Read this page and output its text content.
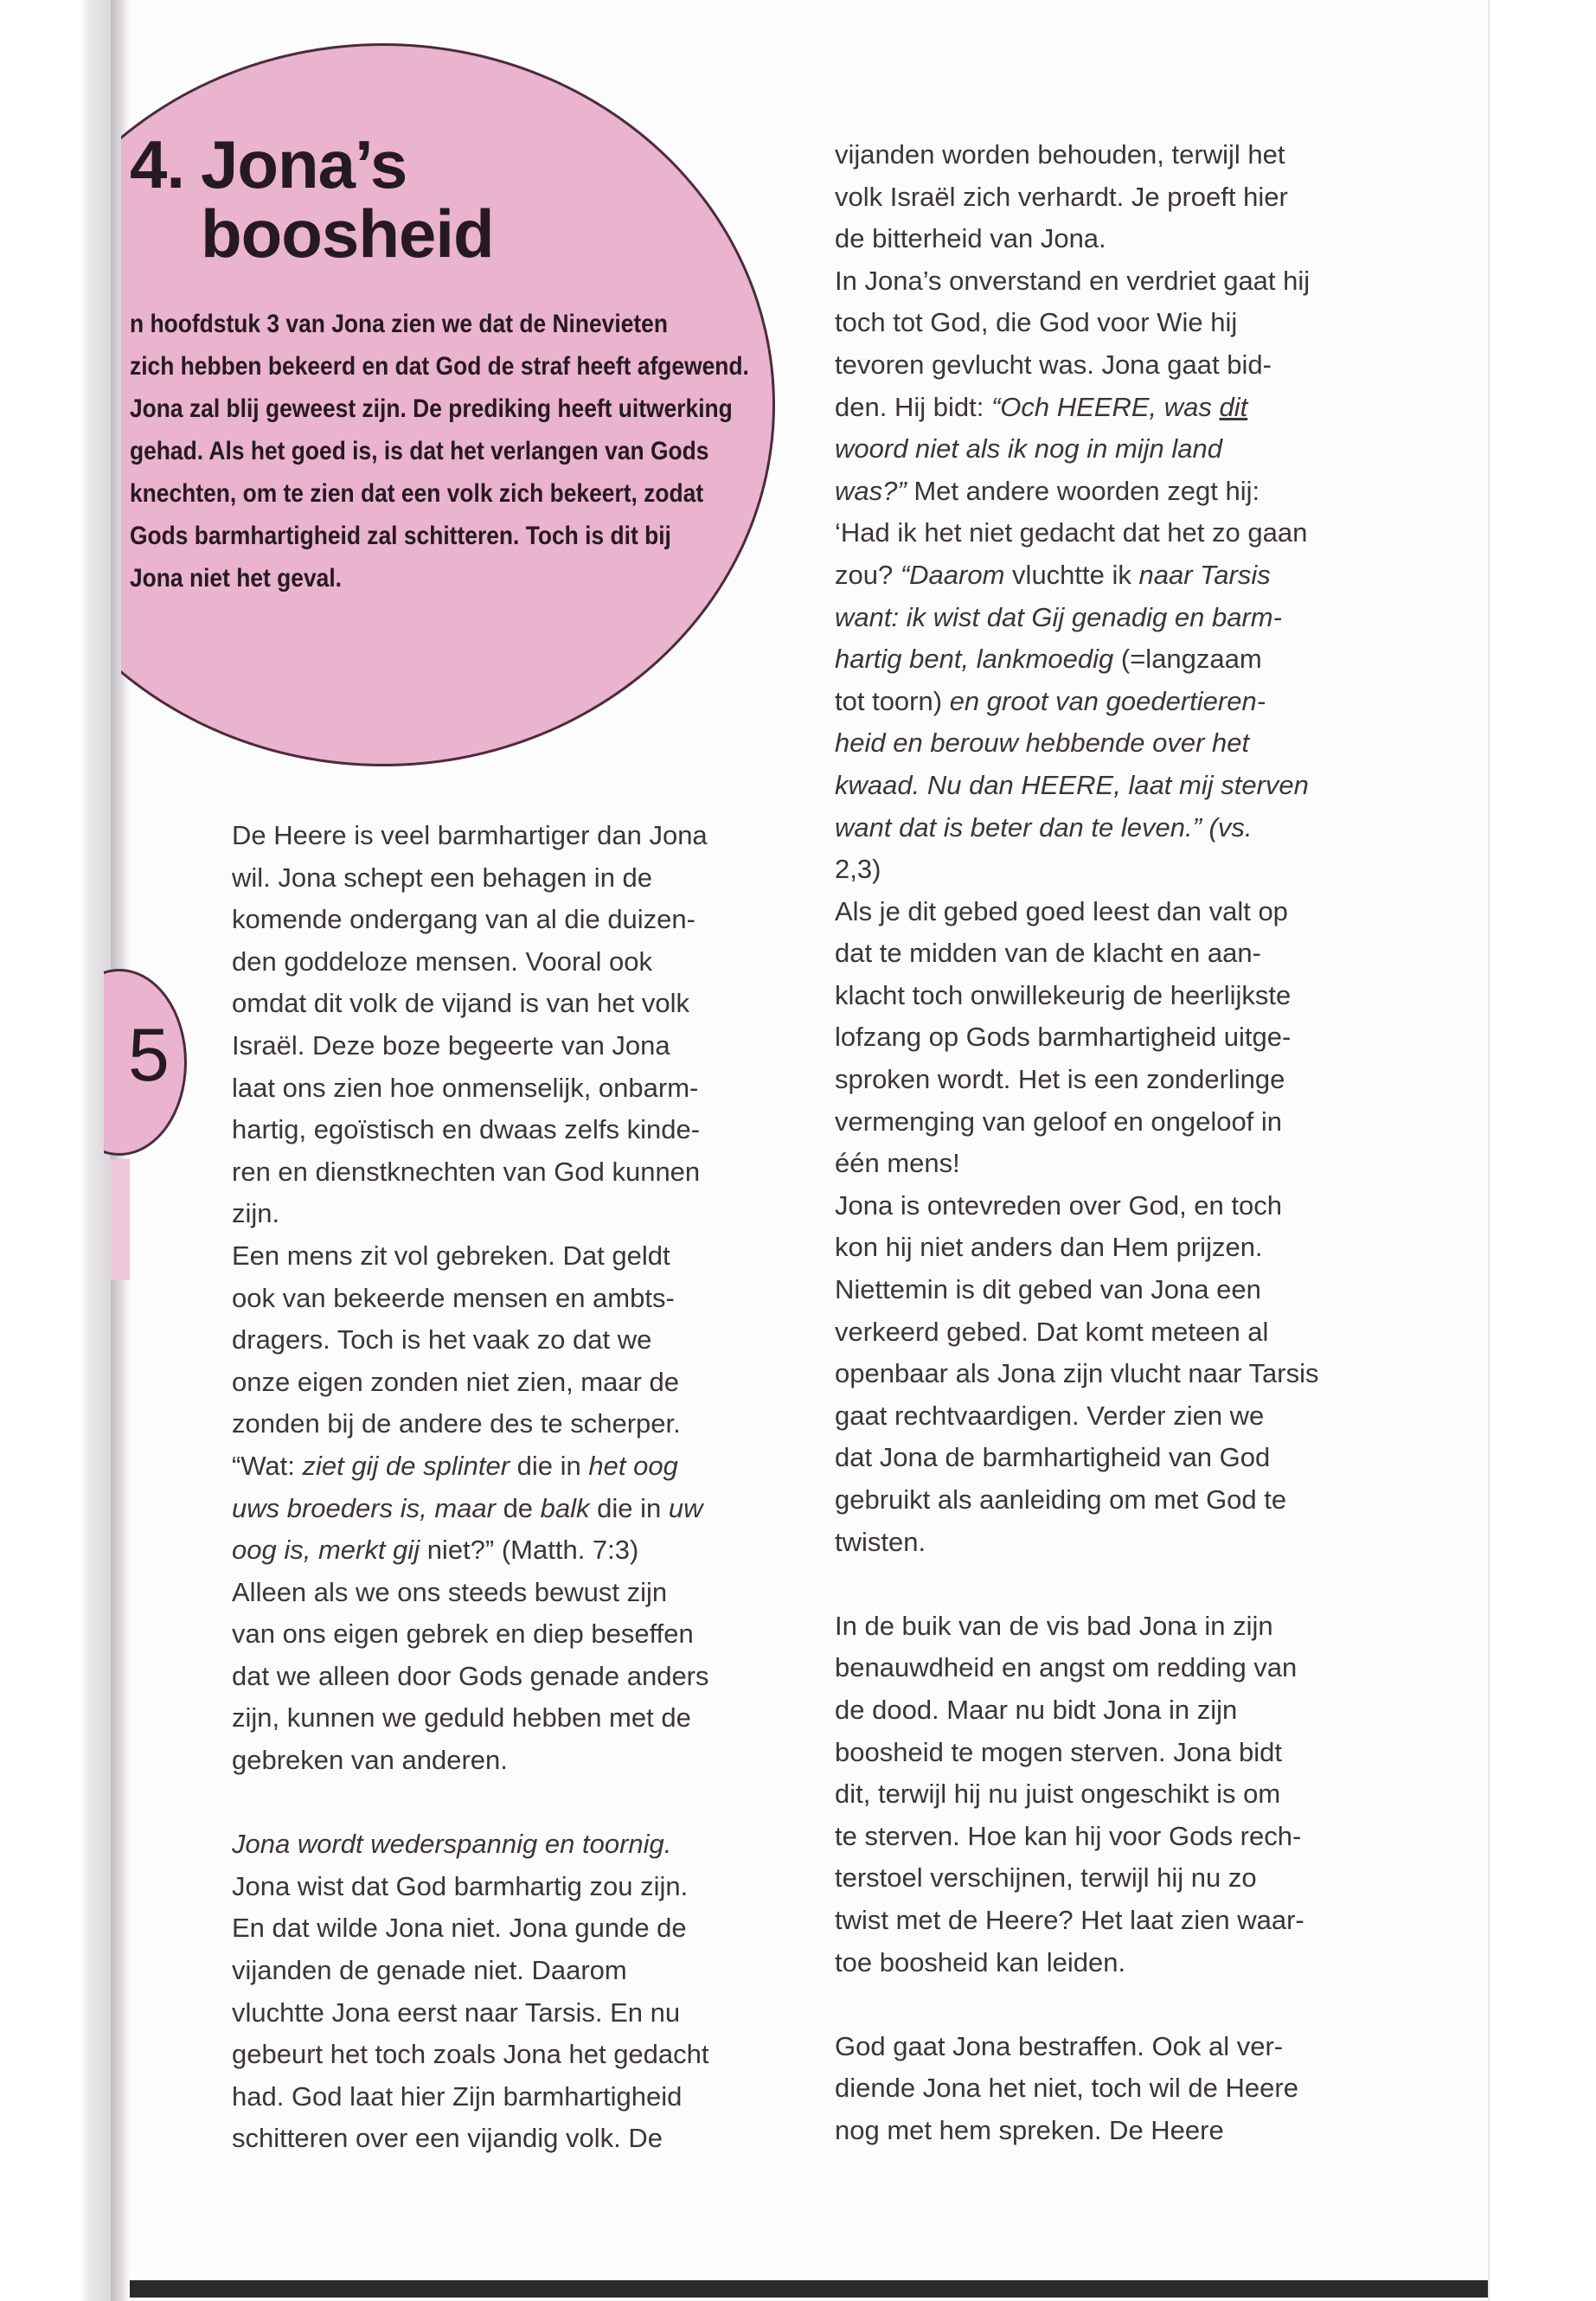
5
4. Jona’s
boosheid
n hoofdstuk 3 van Jona zien we dat de Ninevieten
zich hebben bekeerd en dat God de straf heeft afgewend.
Jona zal blij geweest zijn. De prediking heeft uitwerking
gehad. Als het goed is, is dat het verlangen van Gods
knechten, om te zien dat een volk zich bekeert, zodat
Gods barmhartigheid zal schitteren. Toch is dit bij
Jona niet het geval.
De Heere is veel barmhartiger dan Jona
wil. Jona schept een behagen in de
komende ondergang van al die duizen-
den goddeloze mensen. Vooral ook
omdat dit volk de vijand is van het volk
Israël. Deze boze begeerte van Jona
laat ons zien hoe onmenselijk, onbarm-
hartig, egoïstisch en dwaas zelfs kinde-
ren en dienstknechten van God kunnen
zijn.
Een mens zit vol gebreken. Dat geldt
ook van bekeerde mensen en ambts-
dragers. Toch is het vaak zo dat we
onze eigen zonden niet zien, maar de
zonden bij de andere des te scherper.
“Wat: ziet gij de splinter die in het oog
uws broeders is, maar de balk die in uw
oog is, merkt gij niet?” (Matth. 7:3)
Alleen als we ons steeds bewust zijn
van ons eigen gebrek en diep beseffen
dat we alleen door Gods genade anders
zijn, kunnen we geduld hebben met de
gebreken van anderen.
Jona wordt wederspannig en toornig.
Jona wist dat God barmhartig zou zijn.
En dat wilde Jona niet. Jona gunde de
vijanden de genade niet. Daarom
vluchtte Jona eerst naar Tarsis. En nu
gebeurt het toch zoals Jona het gedacht
had. God laat hier Zijn barmhartigheid
schitteren over een vijandig volk. De
vijanden worden behouden, terwijl het
volk Israël zich verhardt. Je proeft hier
de bitterheid van Jona.
In Jona’s onverstand en verdriet gaat hij
toch tot God, die God voor Wie hij
tevoren gevlucht was. Jona gaat bid-
den. Hij bidt: “Och HEERE, was dit
woord niet als ik nog in mijn land
was?” Met andere woorden zegt hij:
‘Had ik het niet gedacht dat het zo gaan
zou? “Daarom vluchtte ik naar Tarsis
want: ik wist dat Gij genadig en barm-
hartig bent, lankmoedig (=langzaam
tot toorn) en groot van goedertieren-
heid en berouw hebbende over het
kwaad. Nu dan HEERE, laat mij sterven
want dat is beter dan te leven.” (vs.
2,3)
Als je dit gebed goed leest dan valt op
dat te midden van de klacht en aan-
klacht toch onwillekeurig de heerlijkste
lofzang op Gods barmhartigheid uitge-
sproken wordt. Het is een zonderlinge
vermenging van geloof en ongeloof in
één mens!
Jona is ontevreden over God, en toch
kon hij niet anders dan Hem prijzen.
Niettemin is dit gebed van Jona een
verkeerd gebed. Dat komt meteen al
openbaar als Jona zijn vlucht naar Tarsis
gaat rechtvaardigen. Verder zien we
dat Jona de barmhartigheid van God
gebruikt als aanleiding om met God te
twisten.
In de buik van de vis bad Jona in zijn
benauwdheid en angst om redding van
de dood. Maar nu bidt Jona in zijn
boosheid te mogen sterven. Jona bidt
dit, terwijl hij nu juist ongeschikt is om
te sterven. Hoe kan hij voor Gods rech-
terstoel verschijnen, terwijl hij nu zo
twist met de Heere? Het laat zien waar-
toe boosheid kan leiden.
God gaat Jona bestraffen. Ook al ver-
diende Jona het niet, toch wil de Heere
nog met hem spreken. De Heere
